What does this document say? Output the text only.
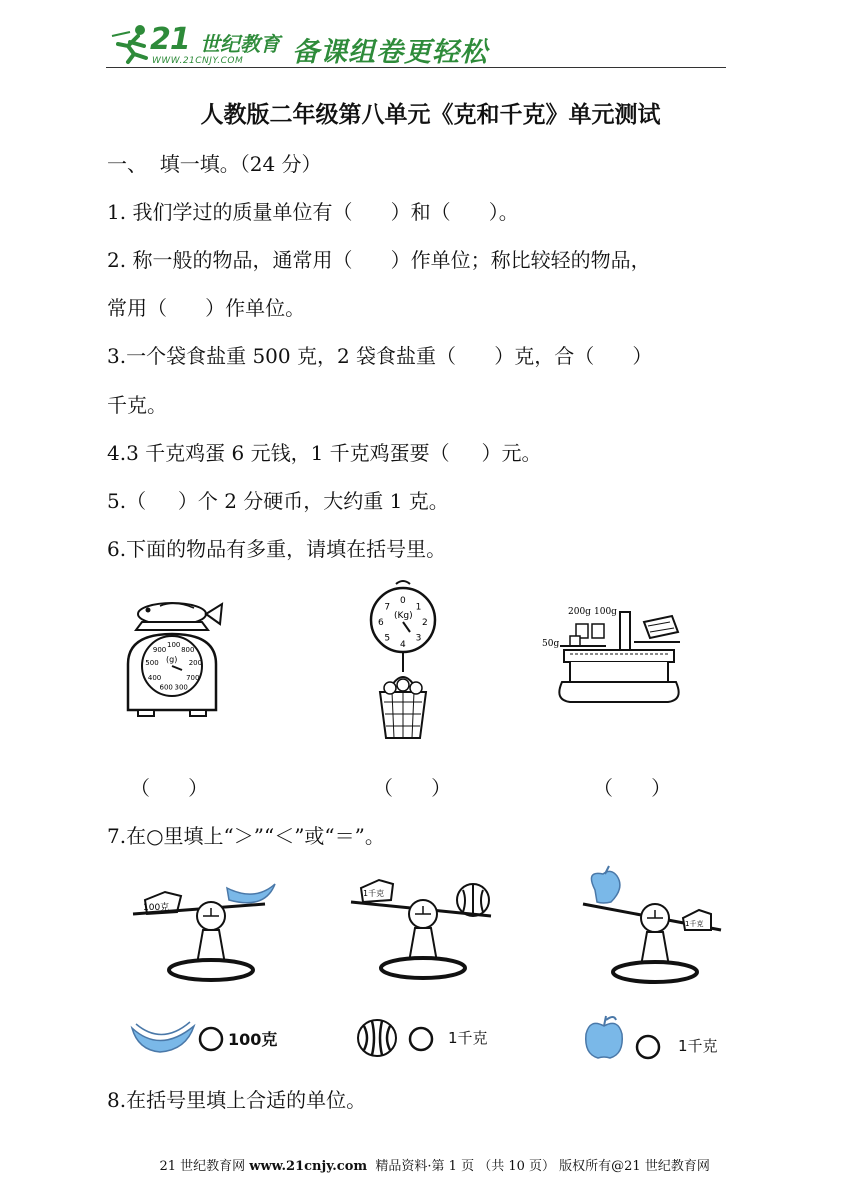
21 世纪教育
WWW.21CNJY.COM 备课组卷更轻松
人教版二年级第八单元《克和千克》单元测试
一、  填一填。（24 分）
1. 我们学过的质量单位有（      ）和（      ）。
2. 称一般的物品，通常用（      ）作单位；称比较轻的物品，
常用（      ）作单位。
3.一个袋食盐重 500 克，2 袋食盐重（      ）克，合（      ）
千克。
4.3 千克鸡蛋 6 元钱，1 千克鸡蛋要（     ）元。
5.（     ）个 2 分硬币，大约重 1 克。
6.下面的物品有多重，请填在括号里。
(g)
900
100
800
200
700
300
600
400
500
(Kg)
0
1
2
3
4
5
6
7	200g 100g
50g
（      ）	（      ）	（      ）
7.在○里填上“＞”“＜”或“＝”。
100克
1千克
1千克
100克	1千克	1千克
8.在括号里填上合适的单位。

21 世纪教育网 www.21cnjy.com  精品资料·第 1 页 （共 10 页） 版权所有@21 世纪教育网
